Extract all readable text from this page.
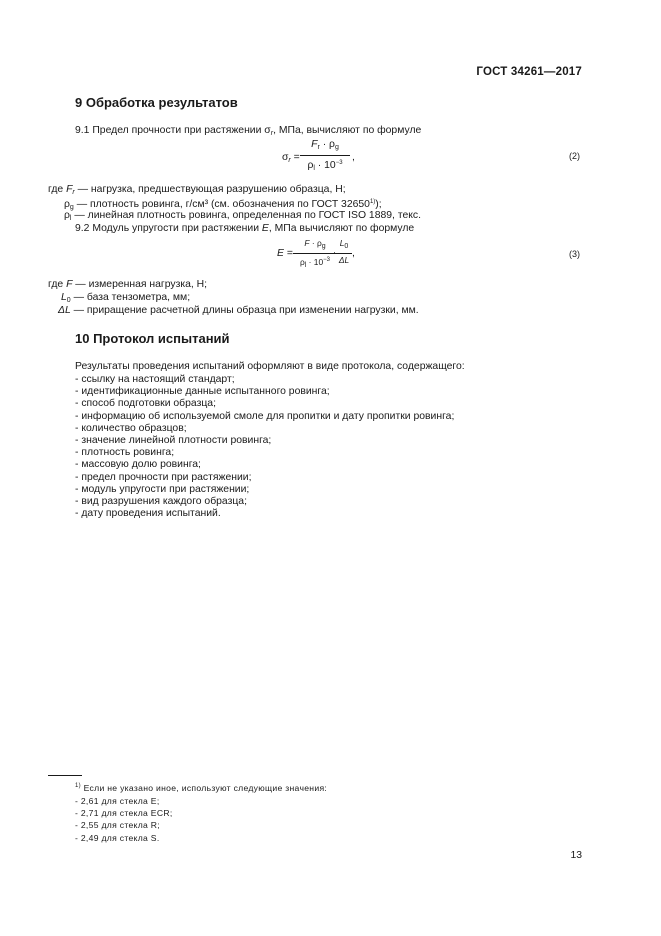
ГОСТ 34261—2017
9 Обработка результатов
9.1 Предел прочности при растяжении $\sigma_r$, МПа, вычисляют по формуле
$\sigma_r$ =
$F_r \cdot \rho_g$
$\rho_l \cdot 10^{-3}$ ,	(2)
где $F_r$ — нагрузка, предшествующая разрушению образца, Н;
$\rho_g$ — плотность ровинга, г/см³ (см. обозначения по ГОСТ 32650$^{1)}$);
$\rho_l$ — линейная плотность ровинга, определенная по ГОСТ ISO 1889, текс.
9.2 Модуль упругости при растяжении E, МПа вычисляют по формуле
E =
$F \cdot \rho_g$
$\rho_l \cdot 10^{-3}$
·
$L_0$
ΔL
,	(3)
где F — измеренная нагрузка, Н;
$L_0$ — база тензометра, мм;
ΔL — приращение расчетной длины образца при изменении нагрузки, мм.
10 Протокол испытаний
Результаты проведения испытаний оформляют в виде протокола, содержащего:
- ссылку на настоящий стандарт;
- идентификационные данные испытанного ровинга;
- способ подготовки образца;
- информацию об используемой смоле для пропитки и дату пропитки ровинга;
- количество образцов;
- значение линейной плотности ровинга;
- плотность ровинга;
- массовую долю ровинга;
- предел прочности при растяжении;
- модуль упругости при растяжении;
- вид разрушения каждого образца;
- дату проведения испытаний.
$^{1)}$ Если не указано иное, используют следующие значения:
- 2,61 для стекла E;
- 2,71 для стекла ECR;
- 2,55 для стекла R;
- 2,49 для стекла S.
13
